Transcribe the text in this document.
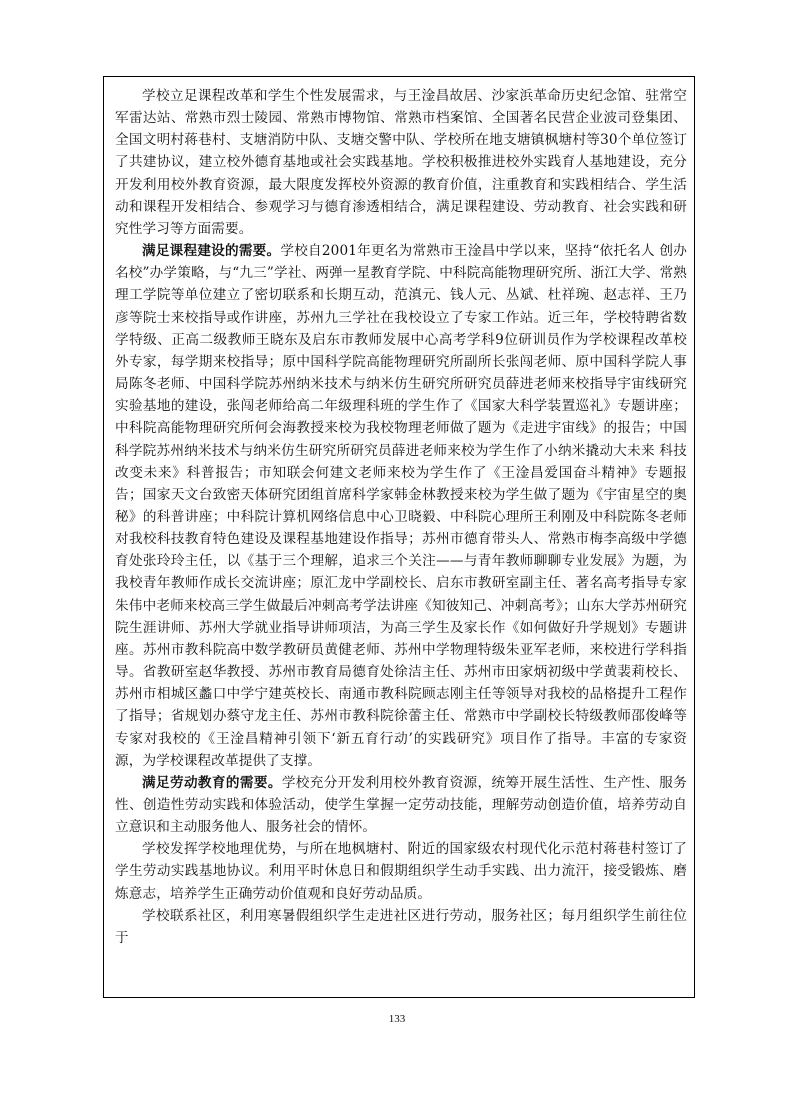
学校立足课程改革和学生个性发展需求，与王淦昌故居、沙家浜革命历史纪念馆、驻常空军雷达站、常熟市烈士陵园、常熟市博物馆、常熟市档案馆、全国著名民营企业波司登集团、全国文明村蒋巷村、支塘消防中队、支塘交警中队、学校所在地支塘镇枫塘村等30个单位签订了共建协议，建立校外德育基地或社会实践基地。学校积极推进校外实践育人基地建设，充分开发利用校外教育资源，最大限度发挥校外资源的教育价值，注重教育和实践相结合、学生活动和课程开发相结合、参观学习与德育渗透相结合，满足课程建设、劳动教育、社会实践和研究性学习等方面需要。

满足课程建设的需要。学校自2001年更名为常熟市王淦昌中学以来，坚持“依托名人 创办名校”办学策略，与“九三”学社、两弹一星教育学院、中科院高能物理研究所、浙江大学、常熟理工学院等单位建立了密切联系和长期互动，范滇元、钱人元、丛斌、杜祥琬、赵志祥、王乃彦等院士来校指导或作讲座，苏州九三学社在我校设立了专家工作站。近三年，学校特聘省数学特级、正高二级教师王晓东及启东市教师发展中心高考学科9位研训员作为学校课程改革校外专家，每学期来校指导；原中国科学院高能物理研究所副所长张闯老师、原中国科学院人事局陈冬老师、中国科学院苏州纳米技术与纳米仿生研究所研究员薛进老师来校指导宇宙线研究实验基地的建设，张闯老师给高二年级理科班的学生作了《国家大科学装置巡礼》专题讲座；中科院高能物理研究所何会海教授来校为我校物理老师做了题为《走进宇宙线》的报告；中国科学院苏州纳米技术与纳米仿生研究所研究员薛进老师来校为学生作了小纳米撬动大未来 科技改变未来》科普报告；市知联会何建文老师来校为学生作了《王淦昌爱国奋斗精神》专题报告；国家天文台致密天体研究团组首席科学家韩金林教授来校为学生做了题为《宇宙星空的奥秘》的科普讲座；中科院计算机网络信息中心卫晓毅、中科院心理所王利刚及中科院陈冬老师对我校科技教育特色建设及课程基地建设作指导；苏州市德育带头人、常熟市梅李高级中学德育处张玲玲主任，以《基于三个理解，追求三个关注——与青年教师聊聊专业发展》为题，为我校青年教师作成长交流讲座；原汇龙中学副校长、启东市教研室副主任、著名高考指导专家朱伟中老师来校高三学生做最后冲刺高考学法讲座《知彼知己、冲刺高考》；山东大学苏州研究院生涯讲师、苏州大学就业指导讲师项洁，为高三学生及家长作《如何做好升学规划》专题讲座。苏州市教科院高中数学教研员黄健老师、苏州中学物理特级朱亚军老师，来校进行学科指导。省教研室赵华教授、苏州市教育局德育处徐洁主任、苏州市田家炳初级中学黄裴莉校长、苏州市相城区蠡口中学宁建英校长、南通市教科院顾志刚主任等领导对我校的品格提升工程作了指导；省规划办蔡守龙主任、苏州市教科院徐蕾主任、常熟市中学副校长特级教师邵俊峰等专家对我校的《王淦昌精神引领下‘新五育行动’的实践研究》项目作了指导。丰富的专家资源，为学校课程改革提供了支撑。

满足劳动教育的需要。学校充分开发利用校外教育资源，统筹开展生活性、生产性、服务性、创造性劳动实践和体验活动，使学生掌握一定劳动技能，理解劳动创造价值，培养劳动自立意识和主动服务他人、服务社会的情怀。

学校发挥学校地理优势，与所在地枫塘村、附近的国家级农村现代化示范村蒋巷村签订了学生劳动实践基地协议。利用平时休息日和假期组织学生动手实践、出力流汗，接受锻炼、磨炼意志，培养学生正确劳动价值观和良好劳动品质。

学校联系社区，利用寒暑假组织学生走进社区进行劳动，服务社区；每月组织学生前往位于

133
